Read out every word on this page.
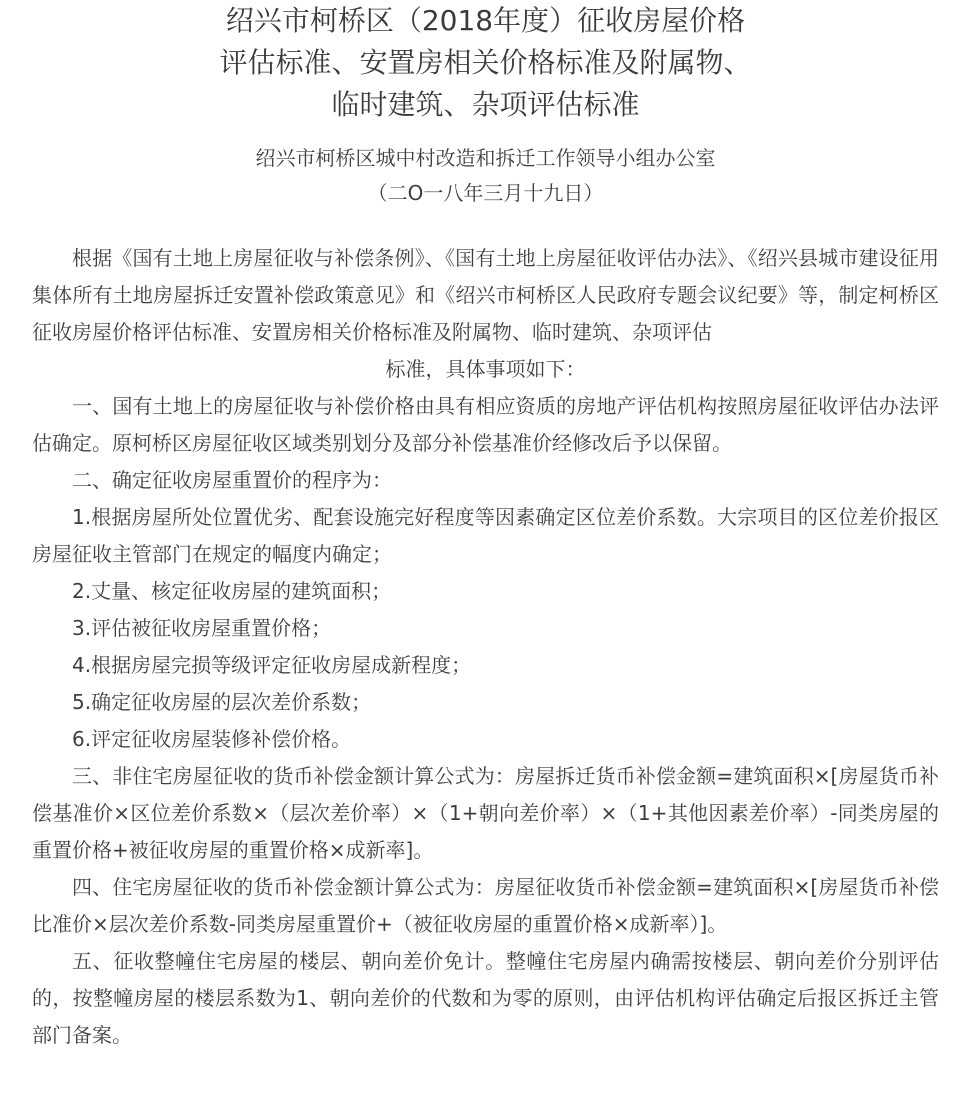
绍兴市柯桥区（2018年度）征收房屋价格
评估标准、安置房相关价格标准及附属物、
临时建筑、杂项评估标准
绍兴市柯桥区城中村改造和拆迁工作领导小组办公室
（二O一八年三月十九日）

根据《国有土地上房屋征收与补偿条例》、《国有土地上房屋征收评估办法》、《绍兴县城市建设征用集体所有土地房屋拆迁安置补偿政策意见》和《绍兴市柯桥区人民政府专题会议纪要》等，制定柯桥区征收房屋价格评估标准、安置房相关价格标准及附属物、临时建筑、杂项评估
标准，具体事项如下：

一、国有土地上的房屋征收与补偿价格由具有相应资质的房地产评估机构按照房屋征收评估办法评估确定。原柯桥区房屋征收区域类别划分及部分补偿基准价经修改后予以保留。

二、确定征收房屋重置价的程序为：

1.根据房屋所处位置优劣、配套设施完好程度等因素确定区位差价系数。大宗项目的区位差价报区房屋征收主管部门在规定的幅度内确定；

2.丈量、核定征收房屋的建筑面积；

3.评估被征收房屋重置价格；

4.根据房屋完损等级评定征收房屋成新程度；

5.确定征收房屋的层次差价系数；

6.评定征收房屋装修补偿价格。

三、非住宅房屋征收的货币补偿金额计算公式为：房屋拆迁货币补偿金额=建筑面积×[房屋货币补偿基准价×区位差价系数×（层次差价率）×（1+朝向差价率）×（1+其他因素差价率）-同类房屋的重置价格+被征收房屋的重置价格×成新率]。

四、住宅房屋征收的货币补偿金额计算公式为：房屋征收货币补偿金额=建筑面积×[房屋货币补偿比准价×层次差价系数-同类房屋重置价+（被征收房屋的重置价格×成新率）]。

五、征收整幢住宅房屋的楼层、朝向差价免计。整幢住宅房屋内确需按楼层、朝向差价分别评估的，按整幢房屋的楼层系数为1、朝向差价的代数和为零的原则，由评估机构评估确定后报区拆迁主管部门备案。
